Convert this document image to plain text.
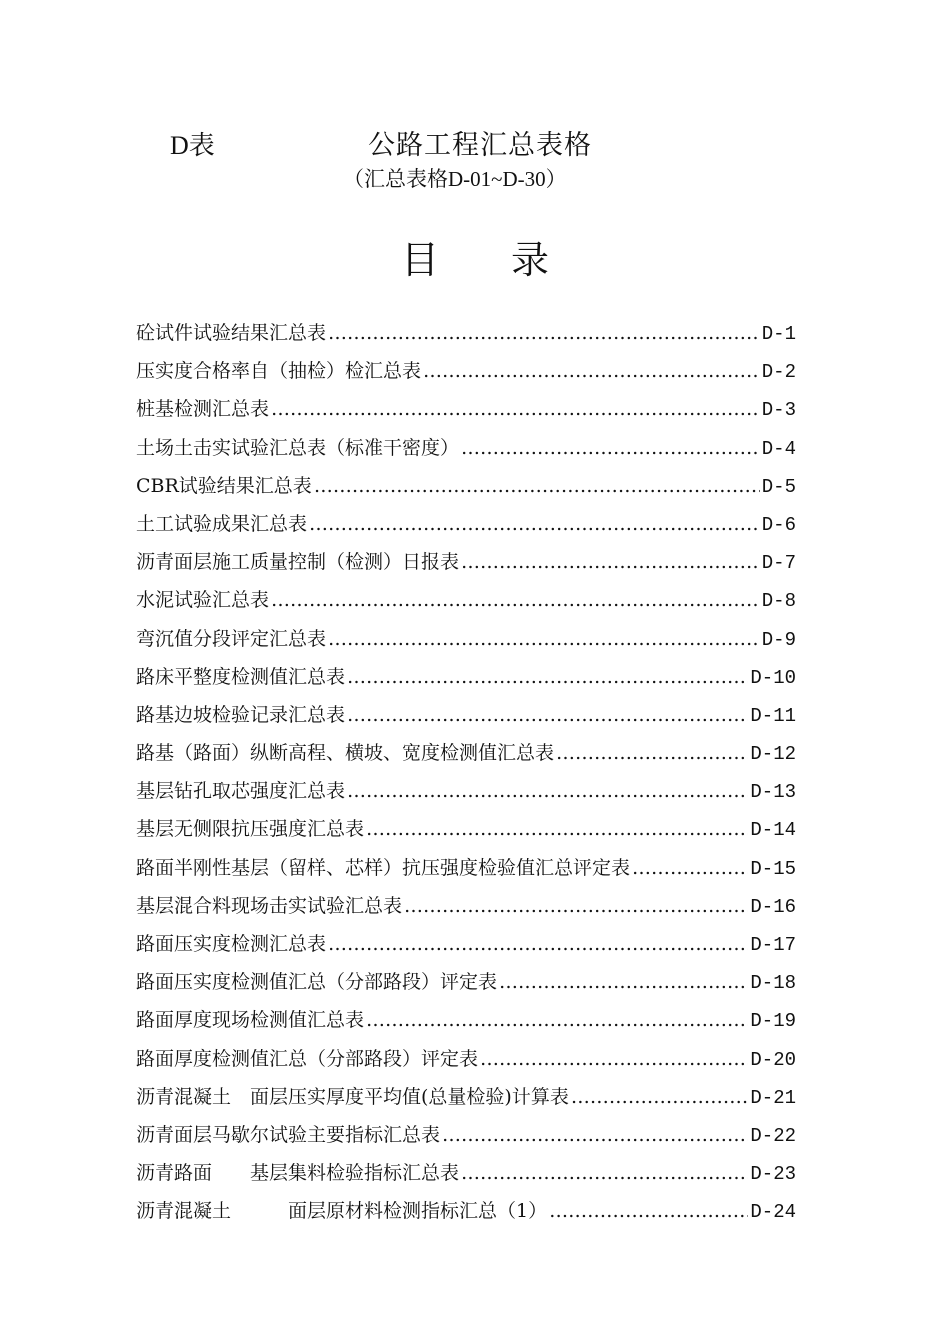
D表	公路工程汇总表格
（汇总表格D-01~D-30）
目 录
砼试件试验结果汇总表 ………………………………………………………………………………………………………………………………………………	D-1
压实度合格率自（抽检）检汇总表 ………………………………………………………………………………………………………………………………………………	D-2
桩基检测汇总表 ………………………………………………………………………………………………………………………………………………	D-3
土场土击实试验汇总表（标准干密度） ………………………………………………………………………………………………………………………………………………	D-4
CBR试验结果汇总表 ………………………………………………………………………………………………………………………………………………	D-5
土工试验成果汇总表 ………………………………………………………………………………………………………………………………………………	D-6
沥青面层施工质量控制（检测）日报表 ………………………………………………………………………………………………………………………………………………	D-7
水泥试验汇总表 ………………………………………………………………………………………………………………………………………………	D-8
弯沉值分段评定汇总表 ………………………………………………………………………………………………………………………………………………	D-9
路床平整度检测值汇总表 ………………………………………………………………………………………………………………………………………………	D-10
路基边坡检验记录汇总表 ………………………………………………………………………………………………………………………………………………	D-11
路基（路面）纵断高程、横坡、宽度检测值汇总表 ………………………………………………………………………………………………………………………………………………	D-12
基层钻孔取芯强度汇总表 ………………………………………………………………………………………………………………………………………………	D-13
基层无侧限抗压强度汇总表 ………………………………………………………………………………………………………………………………………………	D-14
路面半刚性基层（留样、芯样）抗压强度检验值汇总评定表 ………………………………………………………………………………………………………………………………………………	D-15
基层混合料现场击实试验汇总表 ………………………………………………………………………………………………………………………………………………	D-16
路面压实度检测汇总表 ………………………………………………………………………………………………………………………………………………	D-17
路面压实度检测值汇总（分部路段）评定表 ………………………………………………………………………………………………………………………………………………	D-18
路面厚度现场检测值汇总表 ………………………………………………………………………………………………………………………………………………	D-19
路面厚度检测值汇总（分部路段）评定表 ………………………………………………………………………………………………………………………………………………	D-20
沥青混凝土　面层压实厚度平均值(总量检验)计算表 ………………………………………………………………………………………………………………………………………………	D-21
沥青面层马歇尔试验主要指标汇总表 ………………………………………………………………………………………………………………………………………………	D-22
沥青路面　　基层集料检验指标汇总表 ………………………………………………………………………………………………………………………………………………	D-23
沥青混凝土　　　面层原材料检测指标汇总（1） ………………………………………………………………………………………………………………………………………………	D-24
